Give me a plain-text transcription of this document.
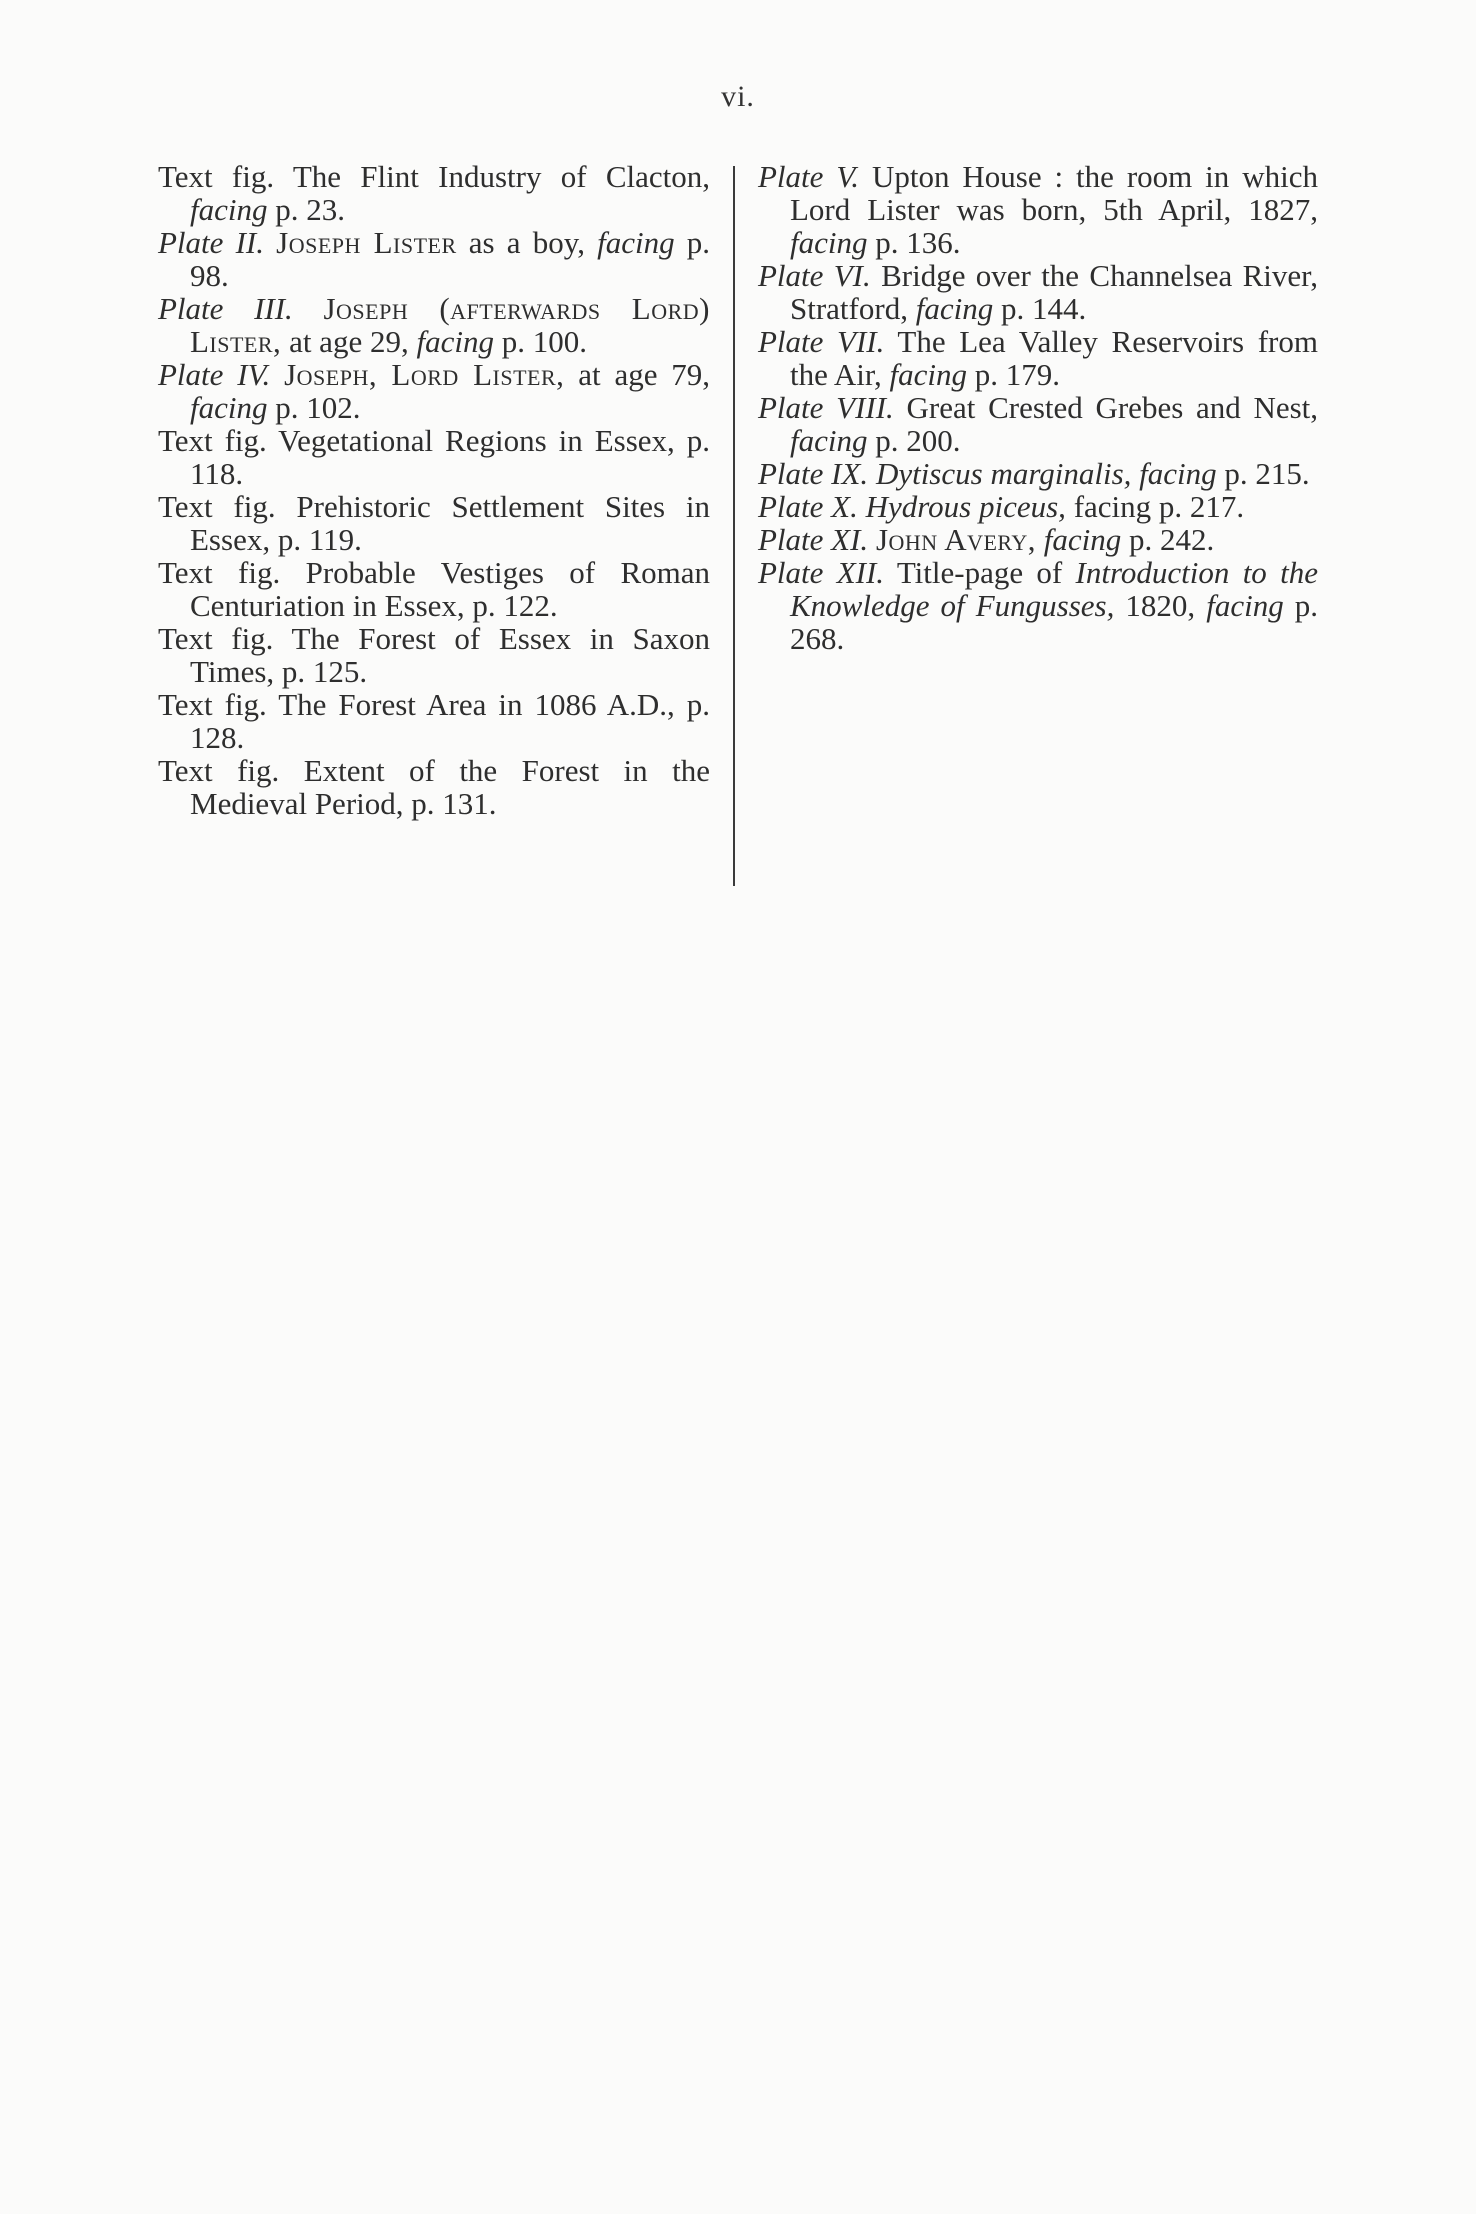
vi.

Text fig. The Flint Industry of Clacton, facing p. 23.

Plate II. Joseph Lister as a boy, facing p. 98.

Plate III. Joseph (afterwards Lord) Lister, at age 29, facing p. 100.

Plate IV. Joseph, Lord Lister, at age 79, facing p. 102.

Text fig. Vegetational Regions in Essex, p. 118.

Text fig. Prehistoric Settlement Sites in Essex, p. 119.

Text fig. Probable Vestiges of Roman Centuriation in Essex, p. 122.

Text fig. The Forest of Essex in Saxon Times, p. 125.

Text fig. The Forest Area in 1086 A.D., p. 128.

Text fig. Extent of the Forest in the Medieval Period, p. 131.

Plate V. Upton House : the room in which Lord Lister was born, 5th April, 1827, facing p. 136.

Plate VI. Bridge over the Channelsea River, Stratford, facing p. 144.

Plate VII. The Lea Valley Reservoirs from the Air, facing p. 179.

Plate VIII. Great Crested Grebes and Nest, facing p. 200.

Plate IX. Dytiscus marginalis, facing p. 215.

Plate X. Hydrous piceus, facing p. 217.

Plate XI. John Avery, facing p. 242.

Plate XII. Title-page of Introduction to the Knowledge of Fungusses, 1820, facing p. 268.
